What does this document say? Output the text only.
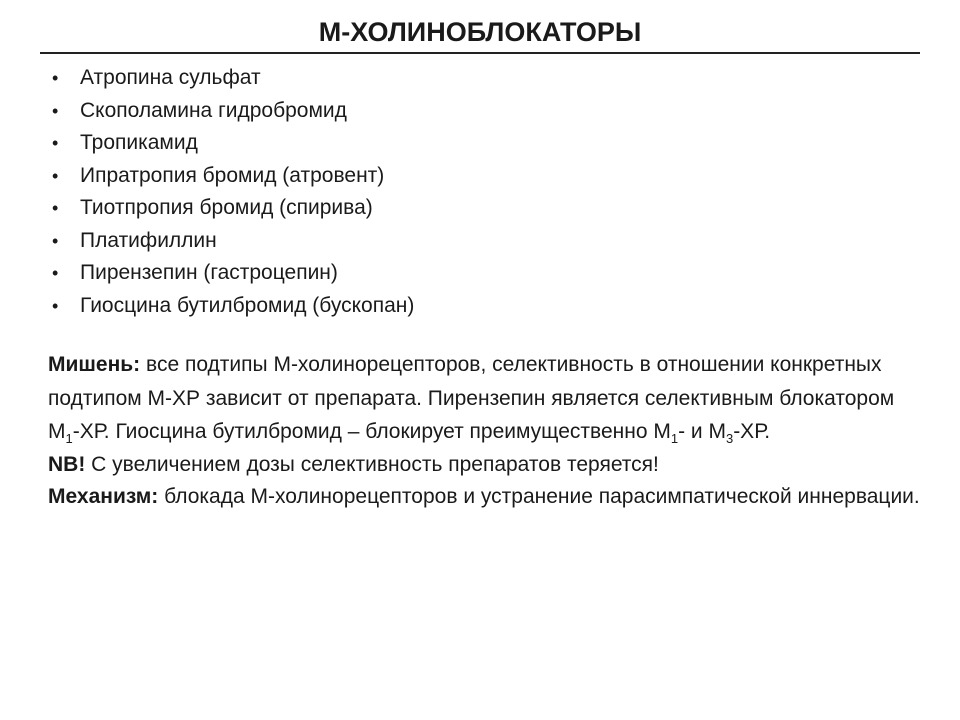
М-ХОЛИНОБЛОКАТОРЫ
• Атропина сульфат
• Скополамина гидробромид
• Тропикамид
• Ипратропия бромид (атровент)
• Тиотпропия бромид (спирива)
• Платифиллин
• Пирензепин (гастроцепин)
• Гиосцина бутилбромид (бускопан)

Мишень: все подтипы М-холинорецепторов, селективность в отношении конкретных подтипом М-ХР зависит от препарата. Пирензепин является селективным блокатором $М_1-ХР$. Гиосцина бутилбромид – блокирует преимущественно $М_1-$ и $М_3-ХР$.

NB! С увеличением дозы селективность препаратов теряется!

Механизм: блокада М-холинорецепторов и устранение парасимпатической иннервации.
